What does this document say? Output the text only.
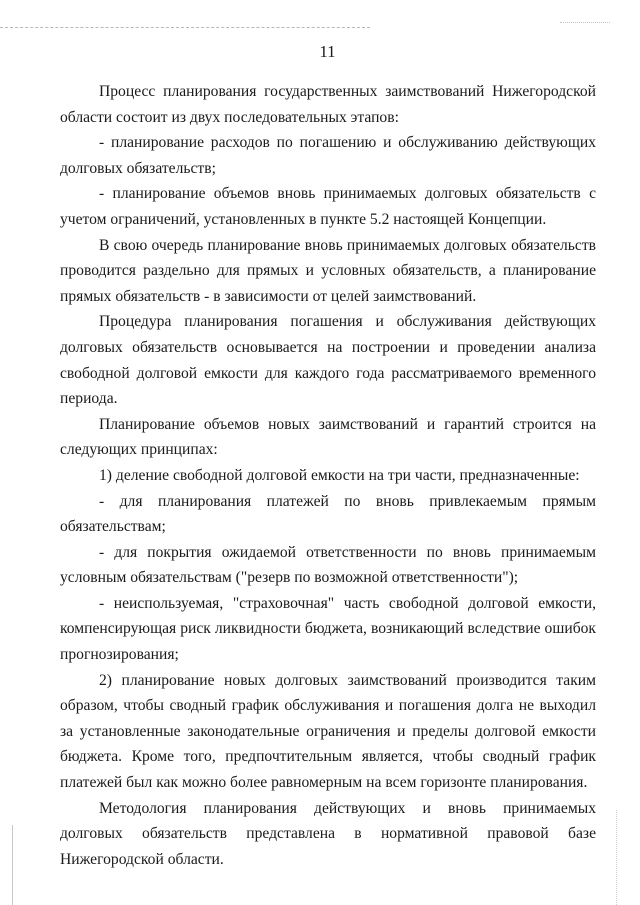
11

Процесс планирования государственных заимствований Нижегородской области состоит из двух последовательных этапов:

- планирование расходов по погашению и обслуживанию действующих долговых обязательств;

- планирование объемов вновь принимаемых долговых обязательств с учетом ограничений, установленных в пункте 5.2 настоящей Концепции.

В свою очередь планирование вновь принимаемых долговых обязательств проводится раздельно для прямых и условных обязательств, а планирование прямых обязательств - в зависимости от целей заимствований.

Процедура планирования погашения и обслуживания действующих долговых обязательств основывается на построении и проведении анализа свободной долговой емкости для каждого года рассматриваемого временного периода.

Планирование объемов новых заимствований и гарантий строится на следующих принципах:

1) деление свободной долговой емкости на три части, предназначенные:

- для планирования платежей по вновь привлекаемым прямым обязательствам;

- для покрытия ожидаемой ответственности по вновь принимаемым условным обязательствам ("резерв по возможной ответственности");

- неиспользуемая, "страховочная" часть свободной долговой емкости, компенсирующая риск ликвидности бюджета, возникающий вследствие ошибок прогнозирования;

2) планирование новых долговых заимствований производится таким образом, чтобы сводный график обслуживания и погашения долга не выходил за установленные законодательные ограничения и пределы долговой емкости бюджета. Кроме того, предпочтительным является, чтобы сводный график платежей был как можно более равномерным на всем горизонте планирования.

Методология планирования действующих и вновь принимаемых долговых обязательств представлена в нормативной правовой базе Нижегородской области.
